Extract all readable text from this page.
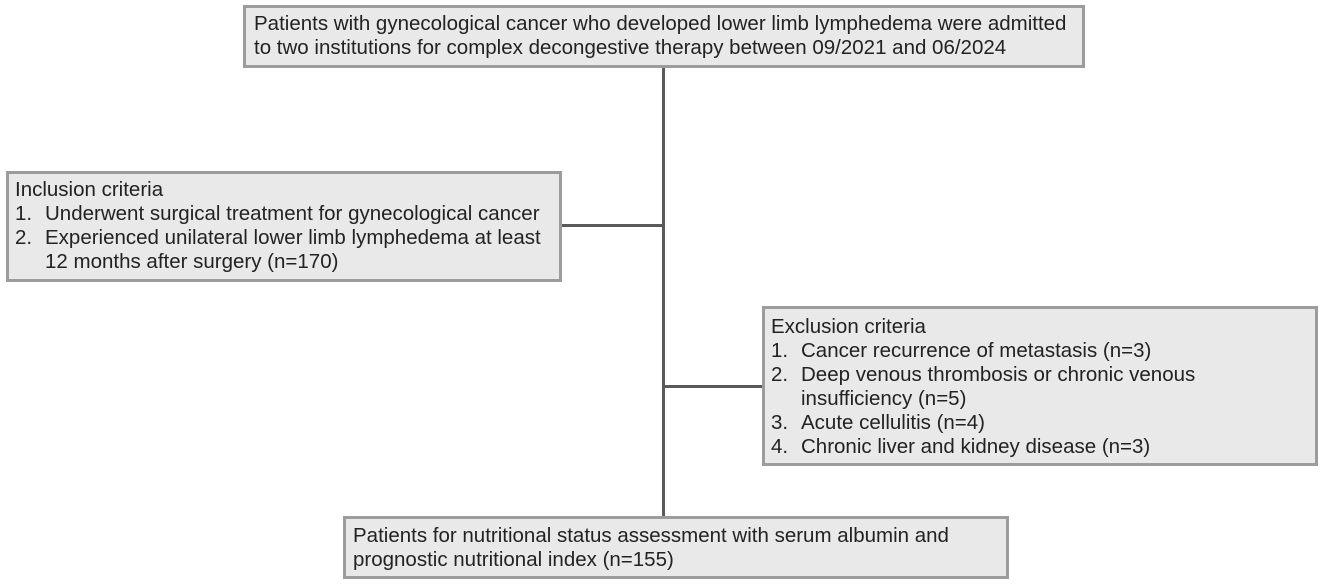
Patients with gynecological cancer who developed lower limb lymphedema were admitted to two institutions for complex decongestive therapy between 09/2021 and 06/2024
Inclusion criteria
1. Underwent surgical treatment for gynecological cancer
2. Experienced unilateral lower limb lymphedema at least 12 months after surgery (n=170)
Exclusion criteria
1. Cancer recurrence of metastasis (n=3)
2. Deep venous thrombosis or chronic venous insufficiency (n=5)
3. Acute cellulitis (n=4)
4. Chronic liver and kidney disease (n=3)
Patients for nutritional status assessment with serum albumin and prognostic nutritional index (n=155)
